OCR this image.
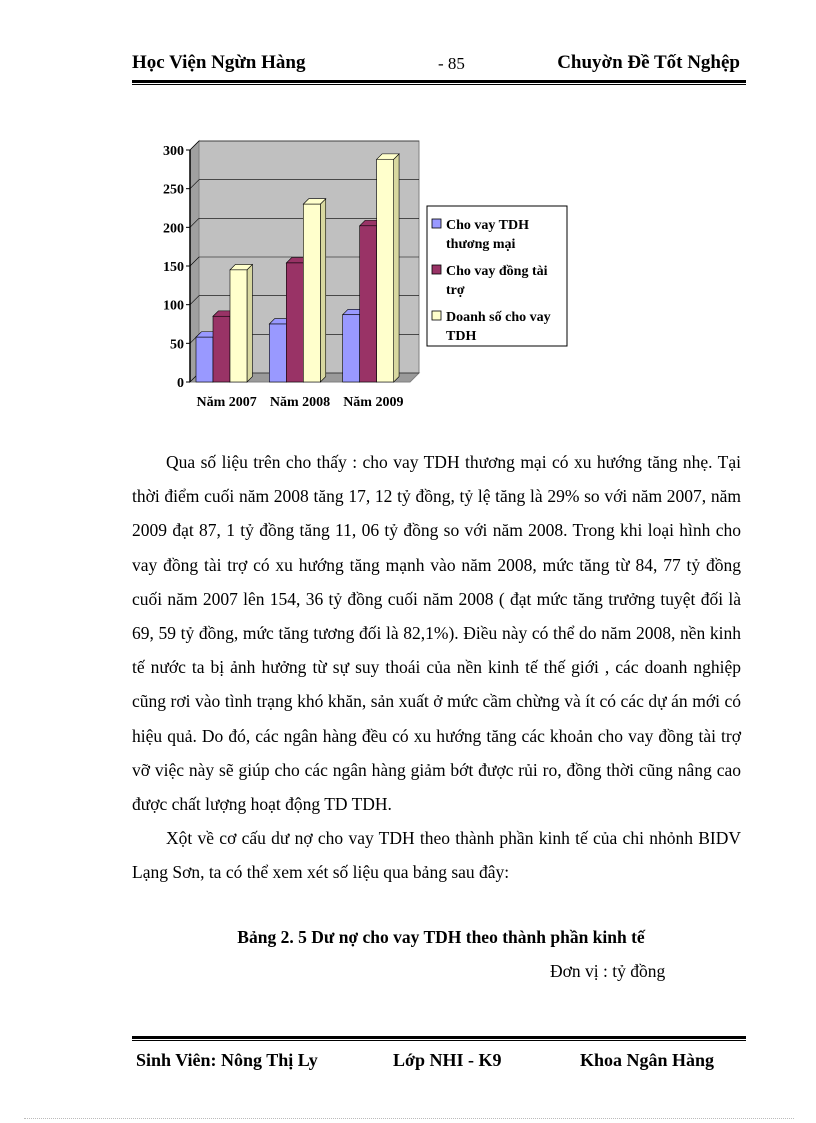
Học Viện Ngừn Hàng	- 85	Chuyờn Đề Tốt Nghệp
0
50
100
150
200
250
300
Năm 2007 Năm 2008 Năm 2009
Cho vay TDH
thương mại
Cho vay đồng tài
trợ
Doanh số cho vay
TDH

Qua số liệu trên cho thấy : cho vay TDH thương mại có xu hướng tăng nhẹ. Tại thời điểm cuối năm 2008 tăng 17, 12 tỷ đồng, tỷ lệ tăng là 29% so với năm 2007, năm 2009 đạt 87, 1 tỷ đồng tăng 11, 06 tỷ đồng so với năm 2008. Trong khi loại hình cho vay đồng tài trợ có xu hướng tăng mạnh vào năm 2008, mức tăng từ 84, 77 tỷ đồng cuối năm 2007 lên 154, 36 tỷ đồng cuối năm 2008 ( đạt mức tăng trưởng tuyệt đối là 69, 59 tỷ đồng, mức tăng tương đối là 82,1%). Điều này có thể do năm 2008, nền kinh tế nước ta bị ảnh hưởng từ sự suy thoái của nền kinh tế thế giới , các doanh nghiệp cũng rơi vào tình trạng khó khăn, sản xuất ở mức cầm chừng và ít có các dự án mới có hiệu quả. Do đó, các ngân hàng đều có xu hướng tăng các khoản cho vay đồng tài trợ vỡ việc này sẽ giúp cho các ngân hàng giảm bớt được rủi ro, đồng thời cũng nâng cao được chất lượng hoạt động TD TDH.

Xột về cơ cấu dư nợ cho vay TDH theo thành phần kinh tế của chi nhỏnh BIDV Lạng Sơn, ta có thể xem xét số liệu qua bảng sau đây:

Bảng 2. 5 Dư nợ cho vay TDH theo thành phần kinh tế
Đơn vị : tỷ đồng
Sinh Viên: Nông Thị Ly	Lớp NHI - K9	Khoa Ngân Hàng
